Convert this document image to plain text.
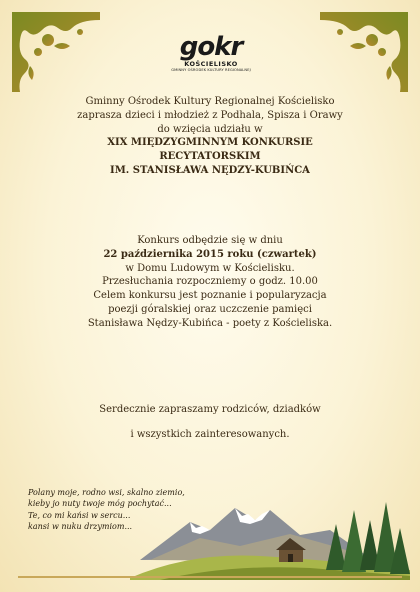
gokr
KOŚCIELISKO
GMINNY OŚRODEK KULTURY REGIONALNEJ
Gminny Ośrodek Kultury Regionalnej Kościelisko
zaprasza dzieci i młodzież z Podhala, Spisza i Orawy
do wzięcia udziału w
XIX MIĘDZYGMINNYM KONKURSIE
RECYTATORSKIM
IM. STANISŁAWA NĘDZY-KUBIŃCA
Konkurs odbędzie się w dniu
22 października 2015 roku (czwartek)
w Domu Ludowym w Kościelisku.
Przesłuchania rozpoczniemy o godz. 10.00
Celem konkursu jest poznanie i popularyzacja
poezji góralskiej oraz uczczenie pamięci
Stanisława Nędzy-Kubińca - poety z Kościeliska.
Serdecznie zapraszamy rodziców, dziadków
i wszystkich zainteresowanych.
Polany moje, rodno wsi, skalno ziemio,
kieby jo nuty twoje móg pochytać...
Te, co mi kańsi w sercu...
kansi w nuku drzymiom...
